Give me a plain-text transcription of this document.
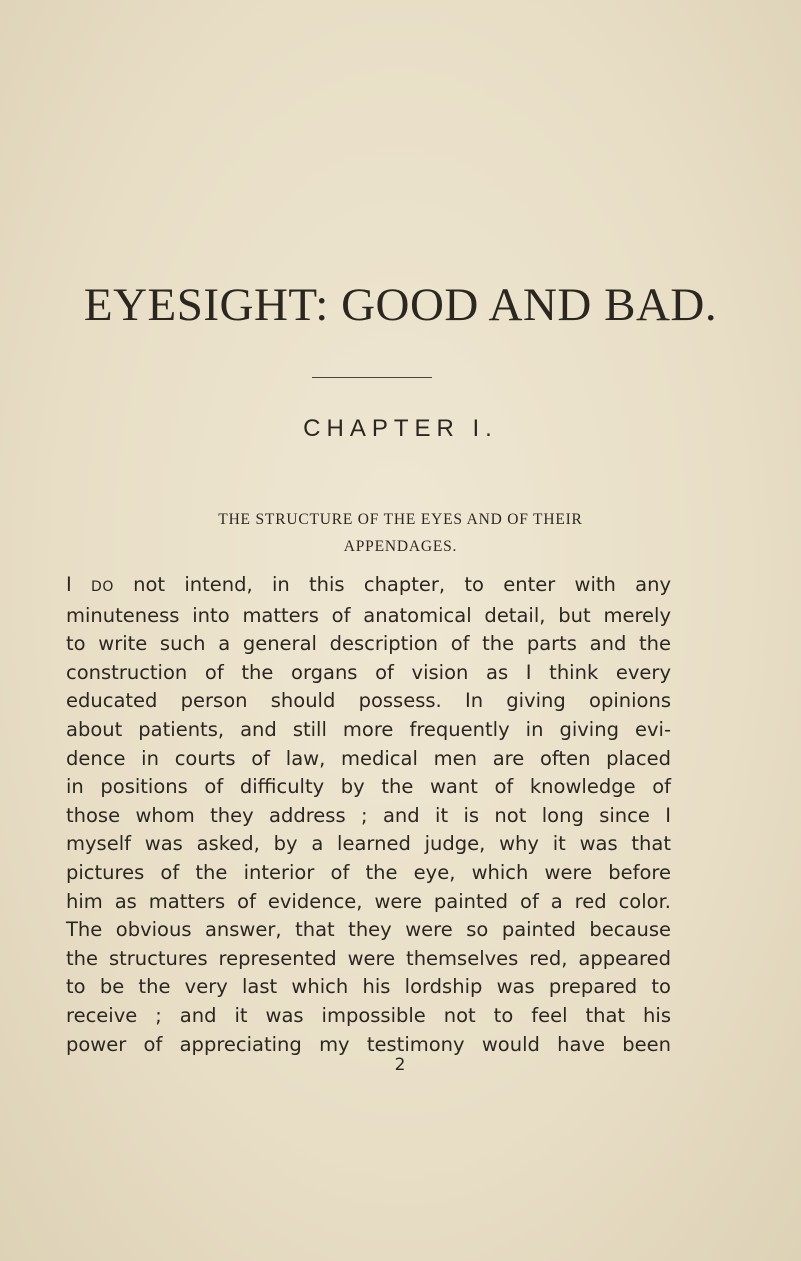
EYESIGHT: GOOD AND BAD.
CHAPTER I.
THE STRUCTURE OF THE EYES AND OF THEIR
APPENDAGES.
I DO not intend, in this chapter, to enter with any
minuteness into matters of anatomical detail, but merely
to write such a general description of the parts and the
construction of the organs of vision as I think every
educated person should possess. In giving opinions
about patients, and still more frequently in giving evi-
dence in courts of law, medical men are often placed
in positions of difficulty by the want of knowledge of
those whom they address ; and it is not long since I
myself was asked, by a learned judge, why it was that
pictures of the interior of the eye, which were before
him as matters of evidence, were painted of a red color.
The obvious answer, that they were so painted because
the structures represented were themselves red, appeared
to be the very last which his lordship was prepared to
receive ; and it was impossible not to feel that his
power of appreciating my testimony would have been
2
